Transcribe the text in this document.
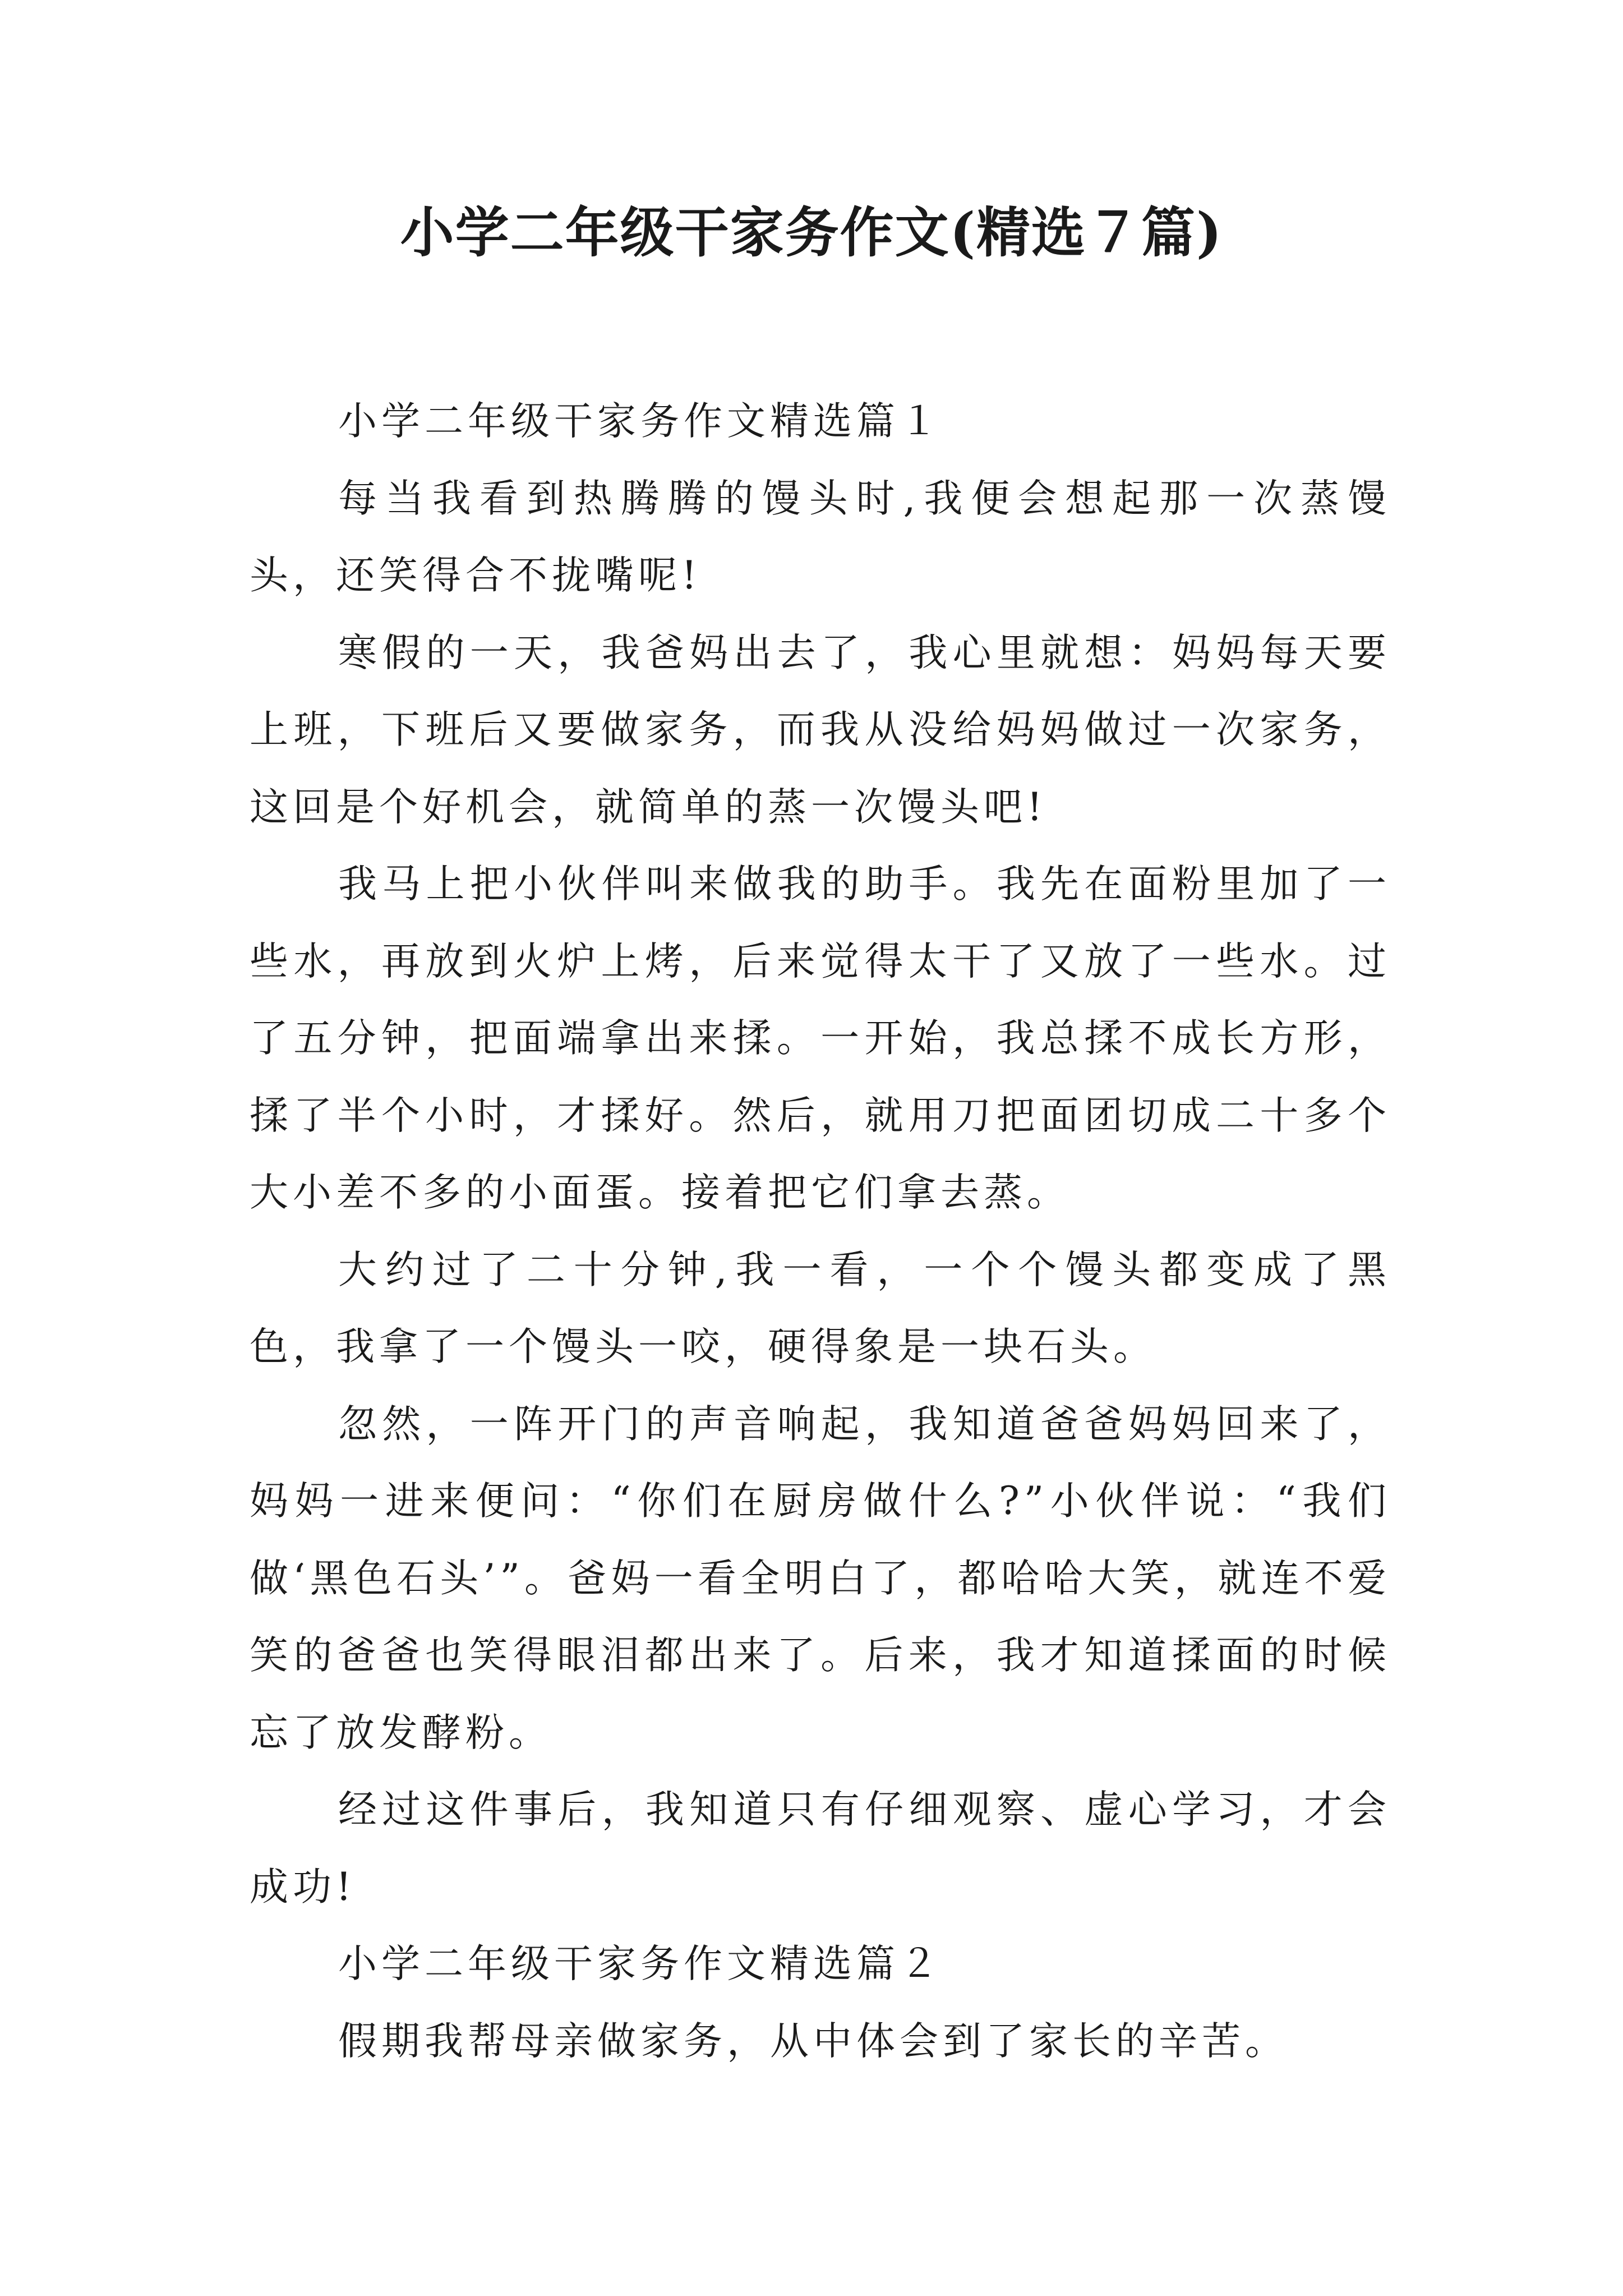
小学二年级干家务作文(精选７篇)

小学二年级干家务作文精选篇１

每当我看到热腾腾的馒头时,我便会想起那一次蒸馒头，还笑得合不拢嘴呢!

寒假的一天，我爸妈出去了，我心里就想：妈妈每天要上班，下班后又要做家务，而我从没给妈妈做过一次家务，这回是个好机会，就简单的蒸一次馒头吧!

我马上把小伙伴叫来做我的助手。我先在面粉里加了一些水，再放到火炉上烤，后来觉得太干了又放了一些水。过了五分钟，把面端拿出来揉。一开始，我总揉不成长方形，揉了半个小时，才揉好。然后，就用刀把面团切成二十多个大小差不多的小面蛋。接着把它们拿去蒸。

大约过了二十分钟,我一看，一个个馒头都变成了黑色，我拿了一个馒头一咬，硬得象是一块石头。

忽然，一阵开门的声音响起，我知道爸爸妈妈回来了，妈妈一进来便问：“你们在厨房做什么?”小伙伴说：“我们做‘黑色石头’”。爸妈一看全明白了，都哈哈大笑，就连不爱笑的爸爸也笑得眼泪都出来了。后来，我才知道揉面的时候忘了放发酵粉。

经过这件事后，我知道只有仔细观察、虚心学习，才会成功!

小学二年级干家务作文精选篇２

假期我帮母亲做家务，从中体会到了家长的辛苦。
